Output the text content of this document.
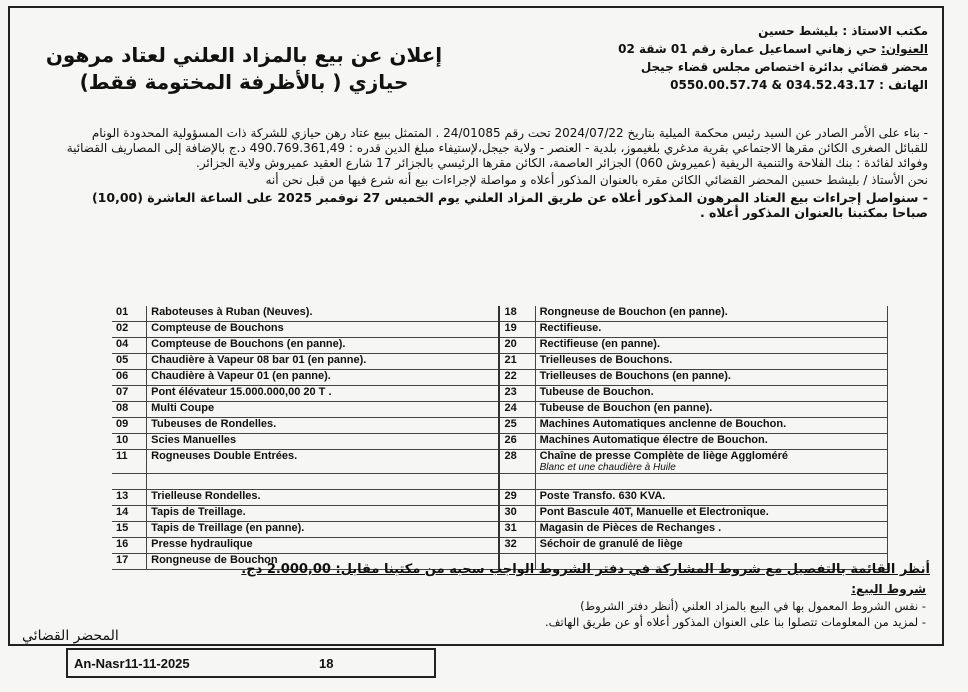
مكتب الاستاذ : بليشط حسين
العنوان: حي زهاني اسماعيل عمارة رقم 01 شقة 02
محضر قضائي بدائرة اختصاص مجلس قضاء جيجل
الهاتف : 034.52.43.17 & 0550.00.57.74
إعلان عن بيع بالمزاد العلني لعتاد مرهون
حيازي ( بالأظرفة المختومة فقط)

- بناء على الأمر الصادر عن السيد رئيس محكمة الميلية بتاريخ 2024/07/22 تحت رقم 24/01085 . المتمثل ببيع عتاد رهن حيازي للشركة ذات المسؤولية المحدودة الونام للقبائل الصغرى الكائن مقرها الاجتماعي بقرية مدغري بلغيموز، بلدية - العنصر - ولاية جيجل،لإستيفاء مبلغ الدين قدره : 490.769.361,49 د.ج بالإضافة إلى المصاريف القضائية وفوائد لفائدة : بنك الفلاحة والتنمية الريفية (عميروش 060) الجزائر العاصمة، الكائن مقرها الرئيسي بالجزائر 17 شارع العقيد عميروش ولاية الجزائر.

نحن الأستاذ / بليشط حسين المحضر القضائي الكائن مقره بالعنوان المذكور أعلاه و مواصلة لإجراءات بيع أنه شرع فيها من قبل نحن أنه

- سنواصل إجراءات بيع العتاد المرهون المذكور أعلاه عن طريق المزاد العلني يوم الخميس 27 نوفمبر 2025 على الساعة العاشرة (10,00) صباحا بمكتبنا بالعنوان المذكور أعلاه .

01	Raboteuses à Ruban (Neuves).	18	Rongneuse de Bouchon (en panne).
02	Compteuse de Bouchons	19	Rectifieuse.
04	Compteuse de Bouchons (en panne).	20	Rectifieuse (en panne).
05	Chaudière à Vapeur 08 bar 01 (en panne).	21	Trielleuses de Bouchons.
06	Chaudière à Vapeur 01 (en panne).	22	Trielleuses de Bouchons (en panne).
07	Pont élévateur 15.000.000,00 20 T .	23	Tubeuse de Bouchon.
08	Multi Coupe	24	Tubeuse de Bouchon (en panne).
09	Tubeuses de Rondelles.	25	Machines Automatiques anclenne de Bouchon.
10	Scies Manuelles	26	Machines Automatique électre de Bouchon.
11	Rogneuses Double Entrées.	28	Chaîne de presse Complète de liège Aggloméré
Blanc et une chaudière à Huile

13	Trielleuse Rondelles.	29	Poste Transfo. 630 KVA.
14	Tapis de Treillage.	30	Pont Bascule 40T, Manuelle et Electronique.
15	Tapis de Treillage (en panne).	31	Magasin de Pièces de Rechanges .
16	Presse hydraulique	32	Séchoir de granulé de liège
17	Rongneuse de Bouchon		
أنظر القائمة بالتفصيل مع شروط المشاركة في دفتر الشروط الواجب سحبه من مكتبنا مقابل: 2.000,00 دج.
شروط البيع:
- نفس الشروط المعمول بها في البيع بالمزاد العلني (أنظر دفتر الشروط)
- لمزيد من المعلومات تتصلوا بنا على العنوان المذكور أعلاه أو عن طريق الهاتف.
المحضر القضائي
An-Nasr11-11-2025	18
